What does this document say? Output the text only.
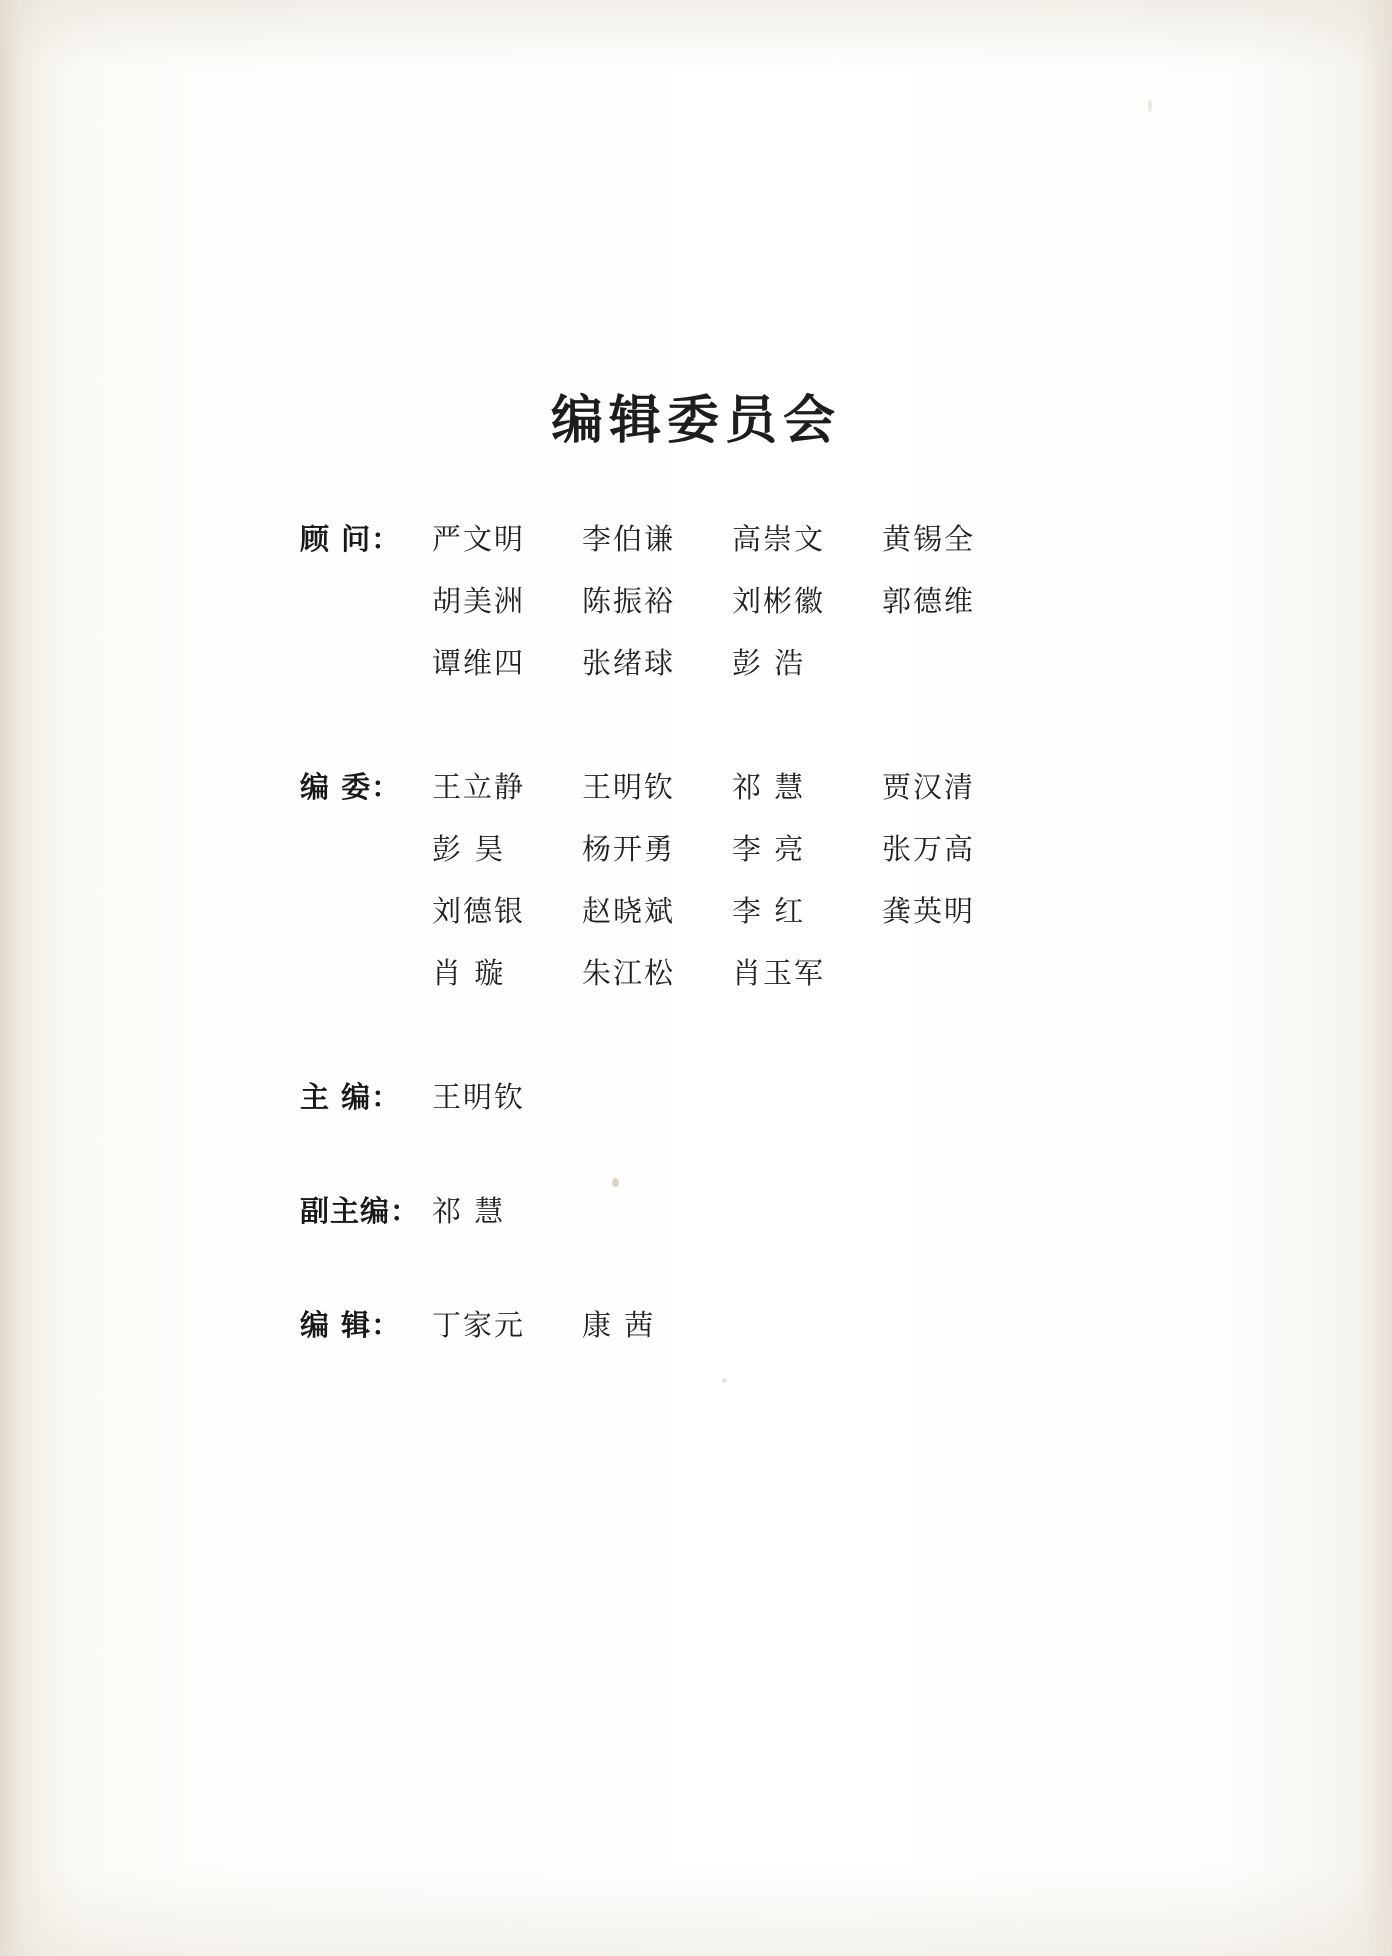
编辑委员会
顾 问：	严文明	李伯谦	高崇文	黄锡全
胡美洲	陈振裕	刘彬徽	郭德维
谭维四	张绪球	彭 浩
编 委：	王立静	王明钦	祁 慧	贾汉清
彭 昊	杨开勇	李 亮	张万高
刘德银	赵晓斌	李 红	龚英明
肖 璇	朱江松	肖玉军
主 编：	王明钦
副主编： 祁 慧
编 辑：	丁家元	康 茜
